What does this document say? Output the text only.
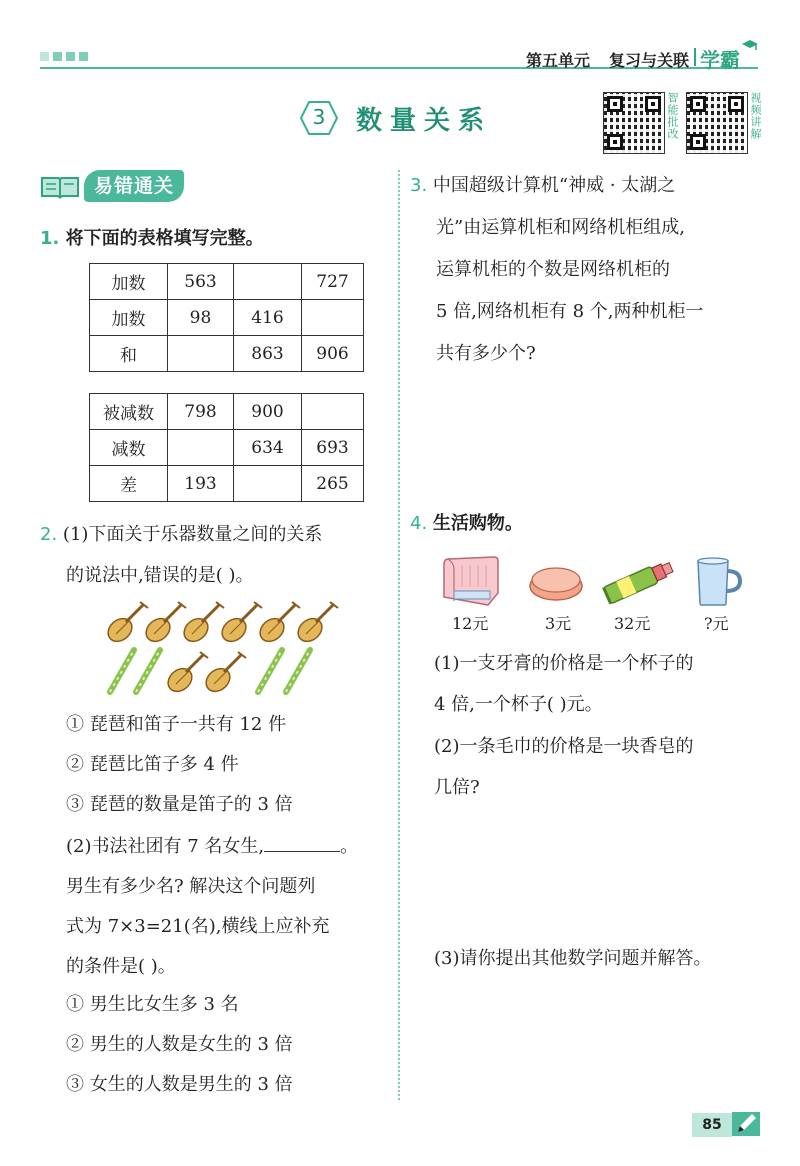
第五单元 复习与关联 学霸
3	数量关系	智能批改	视频讲解
易错通关
1. 将下面的表格填写完整。
加数	563		727
加数	98	416	
和		863	906
被减数	798	900	
减数		634	693
差	193		265
2. (1)下面关于乐器数量之间的关系
的说法中,错误的是( )。
① 琵琶和笛子一共有 12 件
② 琵琶比笛子多 4 件
③ 琵琶的数量是笛子的 3 倍
(2)书法社团有 7 名女生,	。
男生有多少名? 解决这个问题列
式为 7×3=21(名),横线上应补充
的条件是( )。
① 男生比女生多 3 名
② 男生的人数是女生的 3 倍
③ 女生的人数是男生的 3 倍
3. 中国超级计算机“神威 · 太湖之
光”由运算机柜和网络机柜组成,
运算机柜的个数是网络机柜的
5 倍,网络机柜有 8 个,两种机柜一
共有多少个?
4. 生活购物。
12元	3元	32元	?元
(1)一支牙膏的价格是一个杯子的
4 倍,一个杯子( )元。
(2)一条毛巾的价格是一块香皂的
几倍?
(3)请你提出其他数学问题并解答。
85
